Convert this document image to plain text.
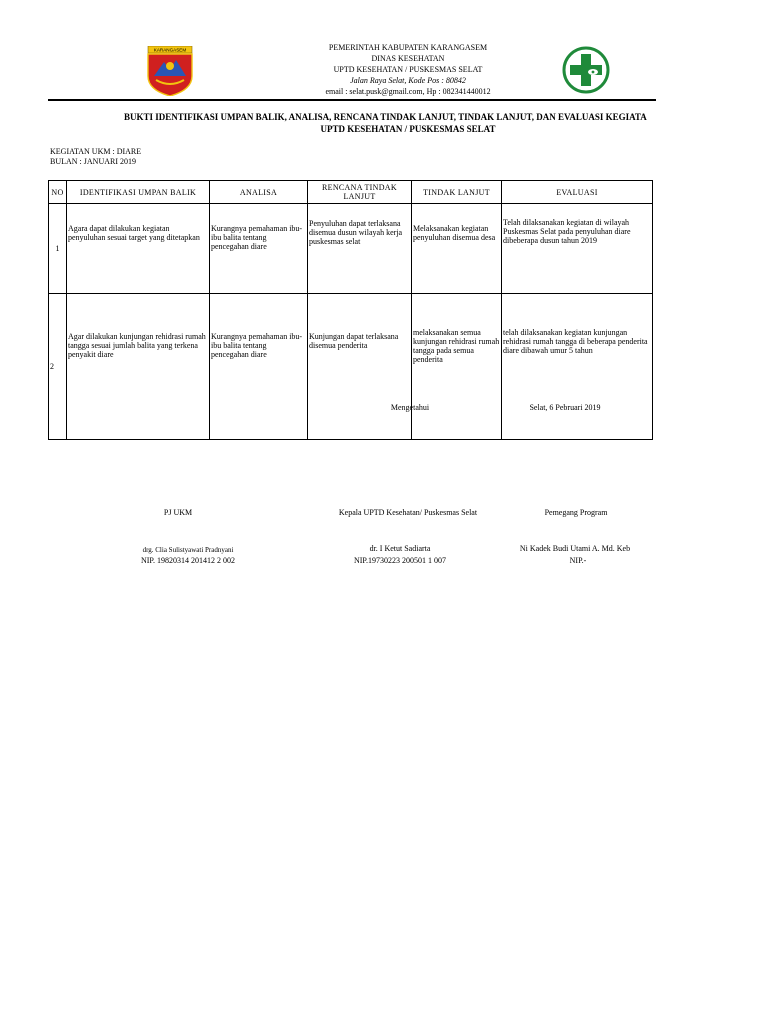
KARANGASEM	PEMERINTAH KABUPATEN KARANGASEM
DINAS KESEHATAN
UPTD KESEHATAN / PUSKESMAS SELAT
Jalan Raya Selat, Kode Pos : 80842
email : selat.pusk@gmail.com, Hp : 082341440012
BUKTI IDENTIFIKASI UMPAN BALIK, ANALISA, RENCANA TINDAK LANJUT, TINDAK LANJUT, DAN EVALUASI KEGIATA
UPTD KESEHATAN / PUSKESMAS SELAT
KEGIATAN UKM : DIARE
BULAN : JANUARI 2019
NO	IDENTIFIKASI UMPAN BALIK	ANALISA	RENCANA TINDAK LANJUT	TINDAK LANJUT	EVALUASI
1	Agara dapat dilakukan kegiatan penyuluhan sesuai target yang ditetapkan	Kurangnya pemahaman ibu- ibu balita tentang pencegahan diare	Penyuluhan dapat terlaksana disemua dusun wilayah kerja puskesmas selat	Melaksanakan kegiatan penyuluhan disemua desa	Telah dilaksanakan kegiatan di wilayah Puskesmas Selat pada penyuluhan diare dibeberapa dusun tahun 2019
2	Agar dilakukan kunjungan rehidrasi rumah tangga sesuai jumlah balita yang terkena penyakit diare	Kurangnya pemahaman ibu- ibu balita tentang pencegahan diare	Kunjungan dapat terlaksana disemua penderita	melaksanakan semua kunjungan rehidrasi rumah tangga pada semua penderita	telah dilaksanakan kegiatan kunjungan rehidrasi rumah tangga di beberapa penderita diare dibawah umur 5 tahun
Mengetahui	Selat, 6 Pebruari 2019
PJ UKM	Kepala UPTD Kesehatan/ Puskesmas Selat	Pemegang Program
drg. Clia Sulistyawati Pradnyani	dr. I Ketut Sadiarta	Ni Kadek Budi Utami A. Md. Keb
NIP. 19820314 201412 2 002	NIP.19730223 200501 1 007	NIP.-
